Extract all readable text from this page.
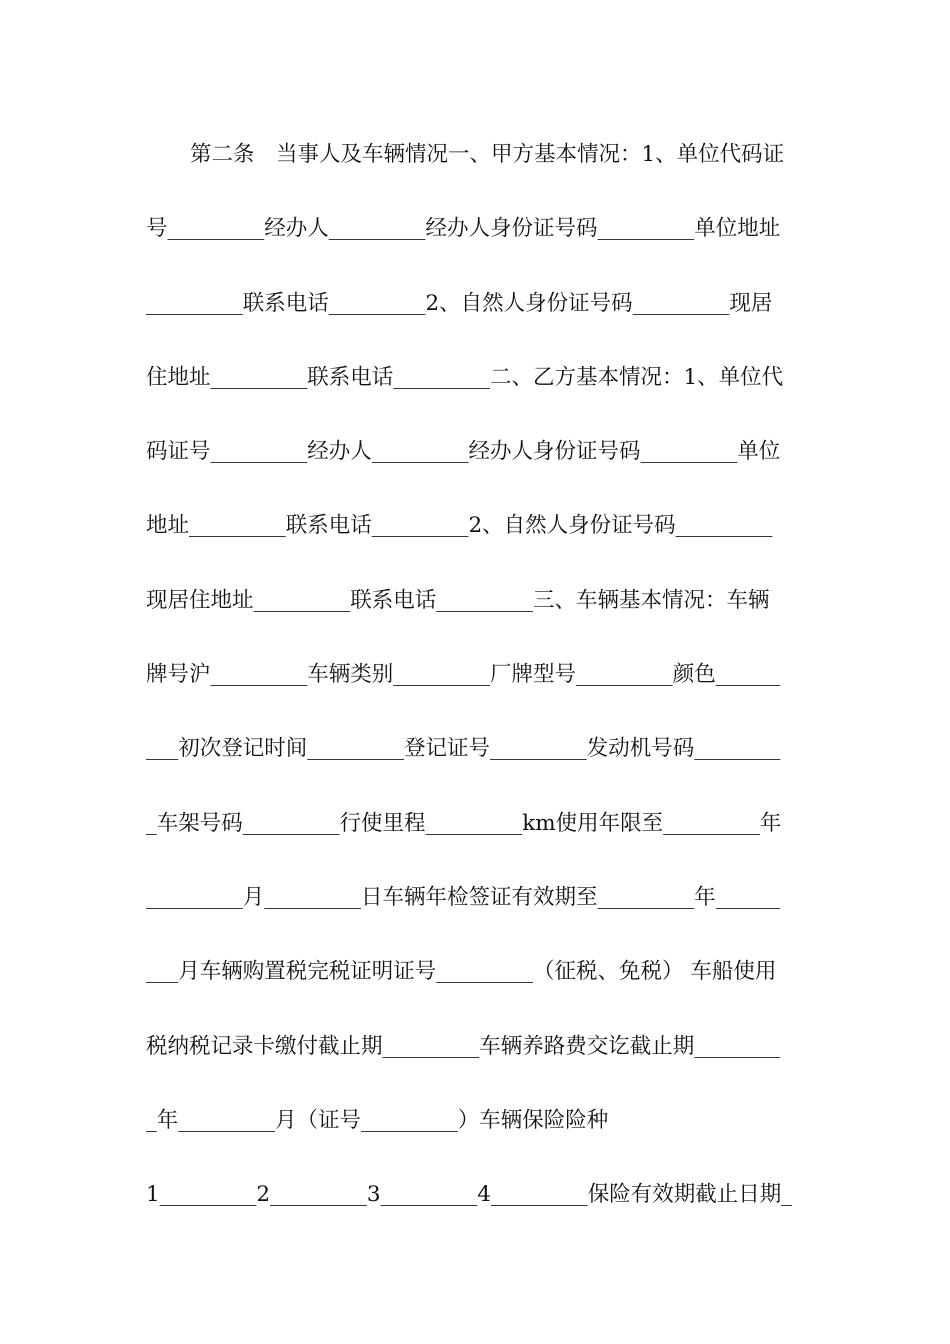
第二条　当事人及车辆情况一、甲方基本情况：1、单位代码证
号_________经办人_________经办人身份证号码_________单位地址
_________联系电话_________2、自然人身份证号码_________现居
住地址_________联系电话_________二、乙方基本情况：1、单位代
码证号_________经办人_________经办人身份证号码_________单位
地址_________联系电话_________2、自然人身份证号码_________
现居住地址_________联系电话_________三、车辆基本情况：车辆
牌号沪_________车辆类别_________厂牌型号_________颜色______
___初次登记时间_________登记证号_________发动机号码________
_车架号码_________行使里程_________km使用年限至_________年
_________月_________日车辆年检签证有效期至_________年______
___月车辆购置税完税证明证号_________（征税、免税） 车船使用
税纳税记录卡缴付截止期_________车辆养路费交讫截止期________
_年_________月（证号_________）车辆保险险种
1_________2_________3_________4_________保险有效期截止日期_
